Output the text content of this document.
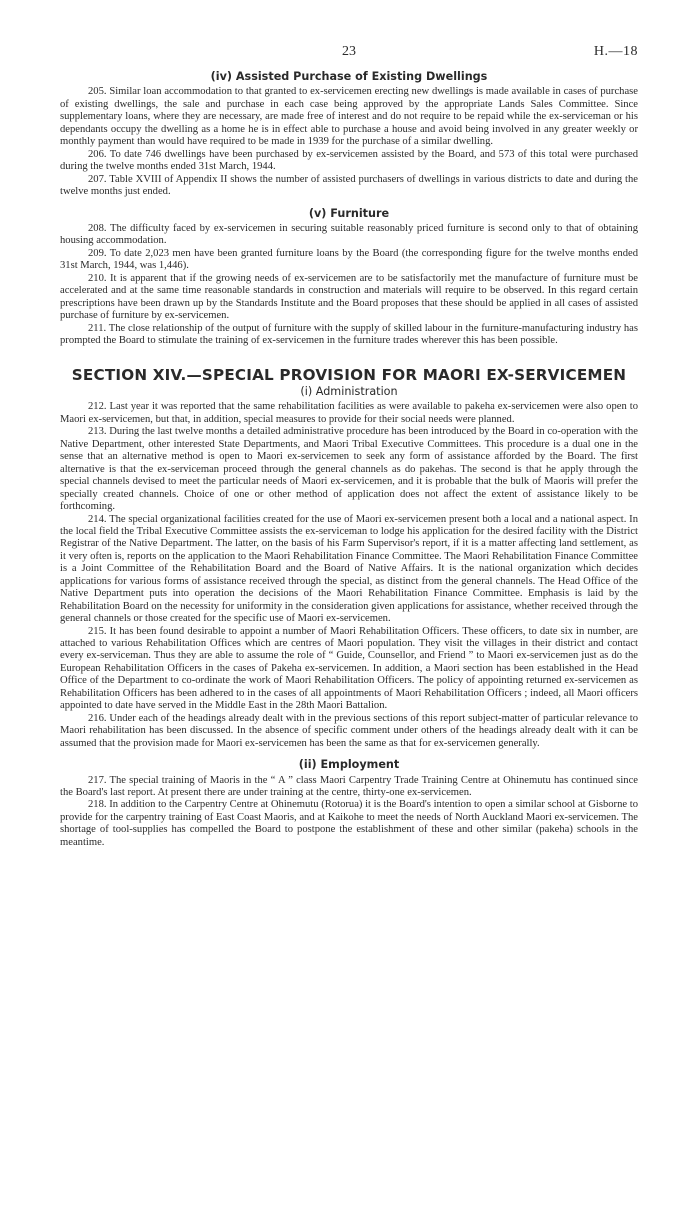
23	H.—18
(iv) Assisted Purchase of Existing Dwellings

205. Similar loan accommodation to that granted to ex-servicemen erecting new dwellings is made available in cases of purchase of existing dwellings, the sale and purchase in each case being approved by the appropriate Lands Sales Committee. Since supplementary loans, where they are necessary, are made free of interest and do not require to be repaid while the ex-serviceman or his dependants occupy the dwelling as a home he is in effect able to purchase a house and avoid being involved in any greater weekly or monthly payment than would have required to be made in 1939 for the purchase of a similar dwelling.

206. To date 746 dwellings have been purchased by ex-servicemen assisted by the Board, and 573 of this total were purchased during the twelve months ended 31st March, 1944.

207. Table XVIII of Appendix II shows the number of assisted purchasers of dwellings in various districts to date and during the twelve months just ended.

(v) Furniture

208. The difficulty faced by ex-servicemen in securing suitable reasonably priced furniture is second only to that of obtaining housing accommodation.

209. To date 2,023 men have been granted furniture loans by the Board (the corresponding figure for the twelve months ended 31st March, 1944, was 1,446).

210. It is apparent that if the growing needs of ex-servicemen are to be satisfactorily met the manufacture of furniture must be accelerated and at the same time reasonable standards in construction and materials will require to be observed. In this regard certain prescriptions have been drawn up by the Standards Institute and the Board proposes that these should be applied in all cases of assisted purchase of furniture by ex-servicemen.

211. The close relationship of the output of furniture with the supply of skilled labour in the furniture-manufacturing industry has prompted the Board to stimulate the training of ex-servicemen in the furniture trades wherever this has been possible.

SECTION XIV.—SPECIAL PROVISION FOR MAORI EX-SERVICEMEN
(i) Administration

212. Last year it was reported that the same rehabilitation facilities as were available to pakeha ex-servicemen were also open to Maori ex-servicemen, but that, in addition, special measures to provide for their social needs were planned.

213. During the last twelve months a detailed administrative procedure has been introduced by the Board in co-operation with the Native Department, other interested State Departments, and Maori Tribal Executive Committees. This procedure is a dual one in the sense that an alternative method is open to Maori ex-servicemen to seek any form of assistance afforded by the Board. The first alternative is that the ex-serviceman proceed through the general channels as do pakehas. The second is that he apply through the special channels devised to meet the particular needs of Maori ex-servicemen, and it is probable that the bulk of Maoris will prefer the specially created channels. Choice of one or other method of application does not affect the extent of assistance likely to be forthcoming.

214. The special organizational facilities created for the use of Maori ex-servicemen present both a local and a national aspect. In the local field the Tribal Executive Committee assists the ex-serviceman to lodge his application for the desired facility with the District Registrar of the Native Department. The latter, on the basis of his Farm Supervisor's report, if it is a matter affecting land settlement, as it very often is, reports on the application to the Maori Rehabilitation Finance Committee. The Maori Rehabilitation Finance Committee is a Joint Committee of the Rehabilitation Board and the Board of Native Affairs. It is the national organization which decides applications for various forms of assistance received through the special, as distinct from the general channels. The Head Office of the Native Department puts into operation the decisions of the Maori Rehabilitation Finance Committee. Emphasis is laid by the Rehabilitation Board on the necessity for uniformity in the consideration given applications for assistance, whether received through the general channels or those created for the specific use of Maori ex-servicemen.

215. It has been found desirable to appoint a number of Maori Rehabilitation Officers. These officers, to date six in number, are attached to various Rehabilitation Offices which are centres of Maori population. They visit the villages in their district and contact every ex-serviceman. Thus they are able to assume the role of “ Guide, Counsellor, and Friend ” to Maori ex-servicemen just as do the European Rehabilitation Officers in the cases of Pakeha ex-servicemen. In addition, a Maori section has been established in the Head Office of the Department to co-ordinate the work of Maori Rehabilitation Officers. The policy of appointing returned ex-servicemen as Rehabilitation Officers has been adhered to in the cases of all appointments of Maori Rehabilitation Officers ; indeed, all Maori officers appointed to date have served in the Middle East in the 28th Maori Battalion.

216. Under each of the headings already dealt with in the previous sections of this report subject-matter of particular relevance to Maori rehabilitation has been discussed. In the absence of specific comment under others of the headings already dealt with it can be assumed that the provision made for Maori ex-servicemen has been the same as that for ex-servicemen generally.

(ii) Employment

217. The special training of Maoris in the “ A ” class Maori Carpentry Trade Training Centre at Ohinemutu has continued since the Board's last report. At present there are under training at the centre, thirty-one ex-servicemen.

218. In addition to the Carpentry Centre at Ohinemutu (Rotorua) it is the Board's intention to open a similar school at Gisborne to provide for the carpentry training of East Coast Maoris, and at Kaikohe to meet the needs of North Auckland Maori ex-servicemen. The shortage of tool-supplies has compelled the Board to postpone the establishment of these and other similar (pakeha) schools in the meantime.
